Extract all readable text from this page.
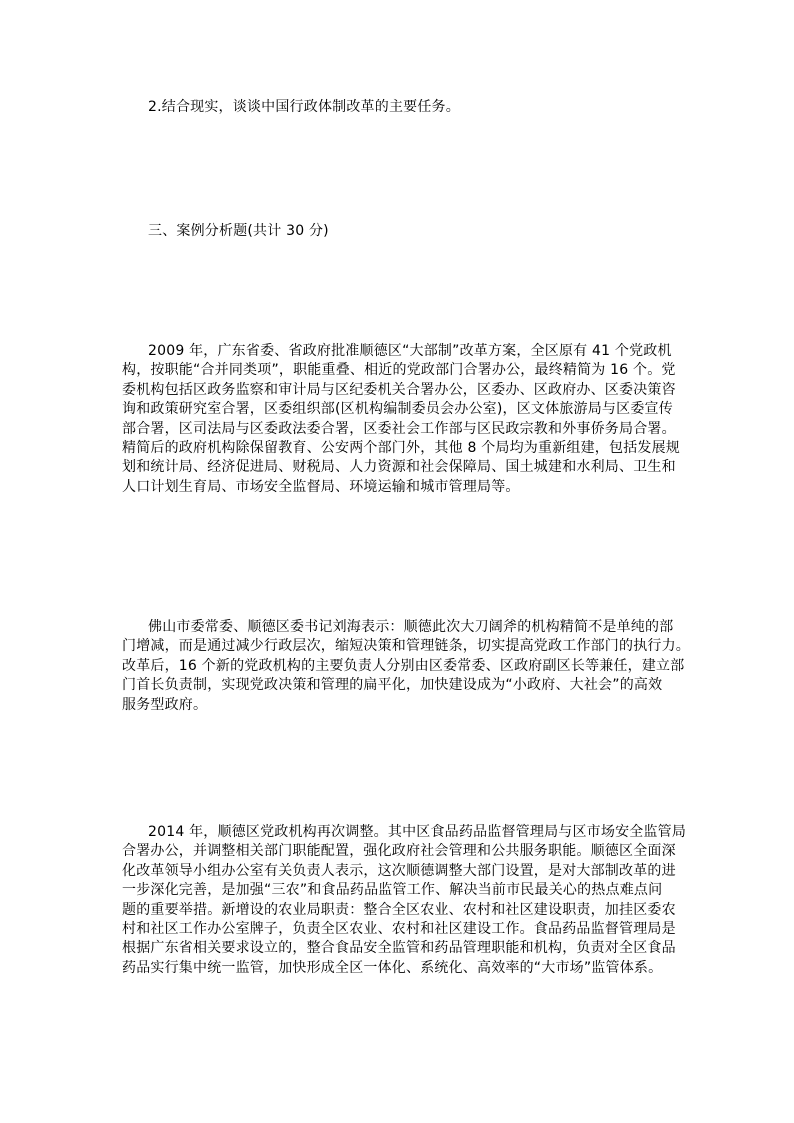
2.结合现实，谈谈中国行政体制改革的主要任务。
三、案例分析题(共计 30 分)
2009 年，广东省委、省政府批准顺德区“大部制”改革方案，全区原有 41 个党政机
构，按职能“合并同类项”，职能重叠、相近的党政部门合署办公，最终精简为 16 个。党
委机构包括区政务监察和审计局与区纪委机关合署办公，区委办、区政府办、区委决策咨
询和政策研究室合署，区委组织部(区机构编制委员会办公室)，区文体旅游局与区委宣传
部合署，区司法局与区委政法委合署，区委社会工作部与区民政宗教和外事侨务局合署。
精简后的政府机构除保留教育、公安两个部门外，其他 8 个局均为重新组建，包括发展规
划和统计局、经济促进局、财税局、人力资源和社会保障局、国土城建和水利局、卫生和
人口计划生育局、市场安全监督局、环境运输和城市管理局等。
佛山市委常委、顺德区委书记刘海表示：顺德此次大刀阔斧的机构精简不是单纯的部
门增减，而是通过减少行政层次，缩短决策和管理链条，切实提高党政工作部门的执行力。
改革后，16 个新的党政机构的主要负责人分别由区委常委、区政府副区长等兼任，建立部
门首长负责制，实现党政决策和管理的扁平化，加快建设成为“小政府、大社会”的高效
服务型政府。
2014 年，顺德区党政机构再次调整。其中区食品药品监督管理局与区市场安全监管局
合署办公，并调整相关部门职能配置，强化政府社会管理和公共服务职能。顺德区全面深
化改革领导小组办公室有关负责人表示，这次顺德调整大部门设置，是对大部制改革的进
一步深化完善，是加强“三农”和食品药品监管工作、解决当前市民最关心的热点难点问
题的重要举措。新增设的农业局职责：整合全区农业、农村和社区建设职责，加挂区委农
村和社区工作办公室牌子，负责全区农业、农村和社区建设工作。食品药品监督管理局是
根据广东省相关要求设立的，整合食品安全监管和药品管理职能和机构，负责对全区食品
药品实行集中统一监管，加快形成全区一体化、系统化、高效率的“大市场”监管体系。
